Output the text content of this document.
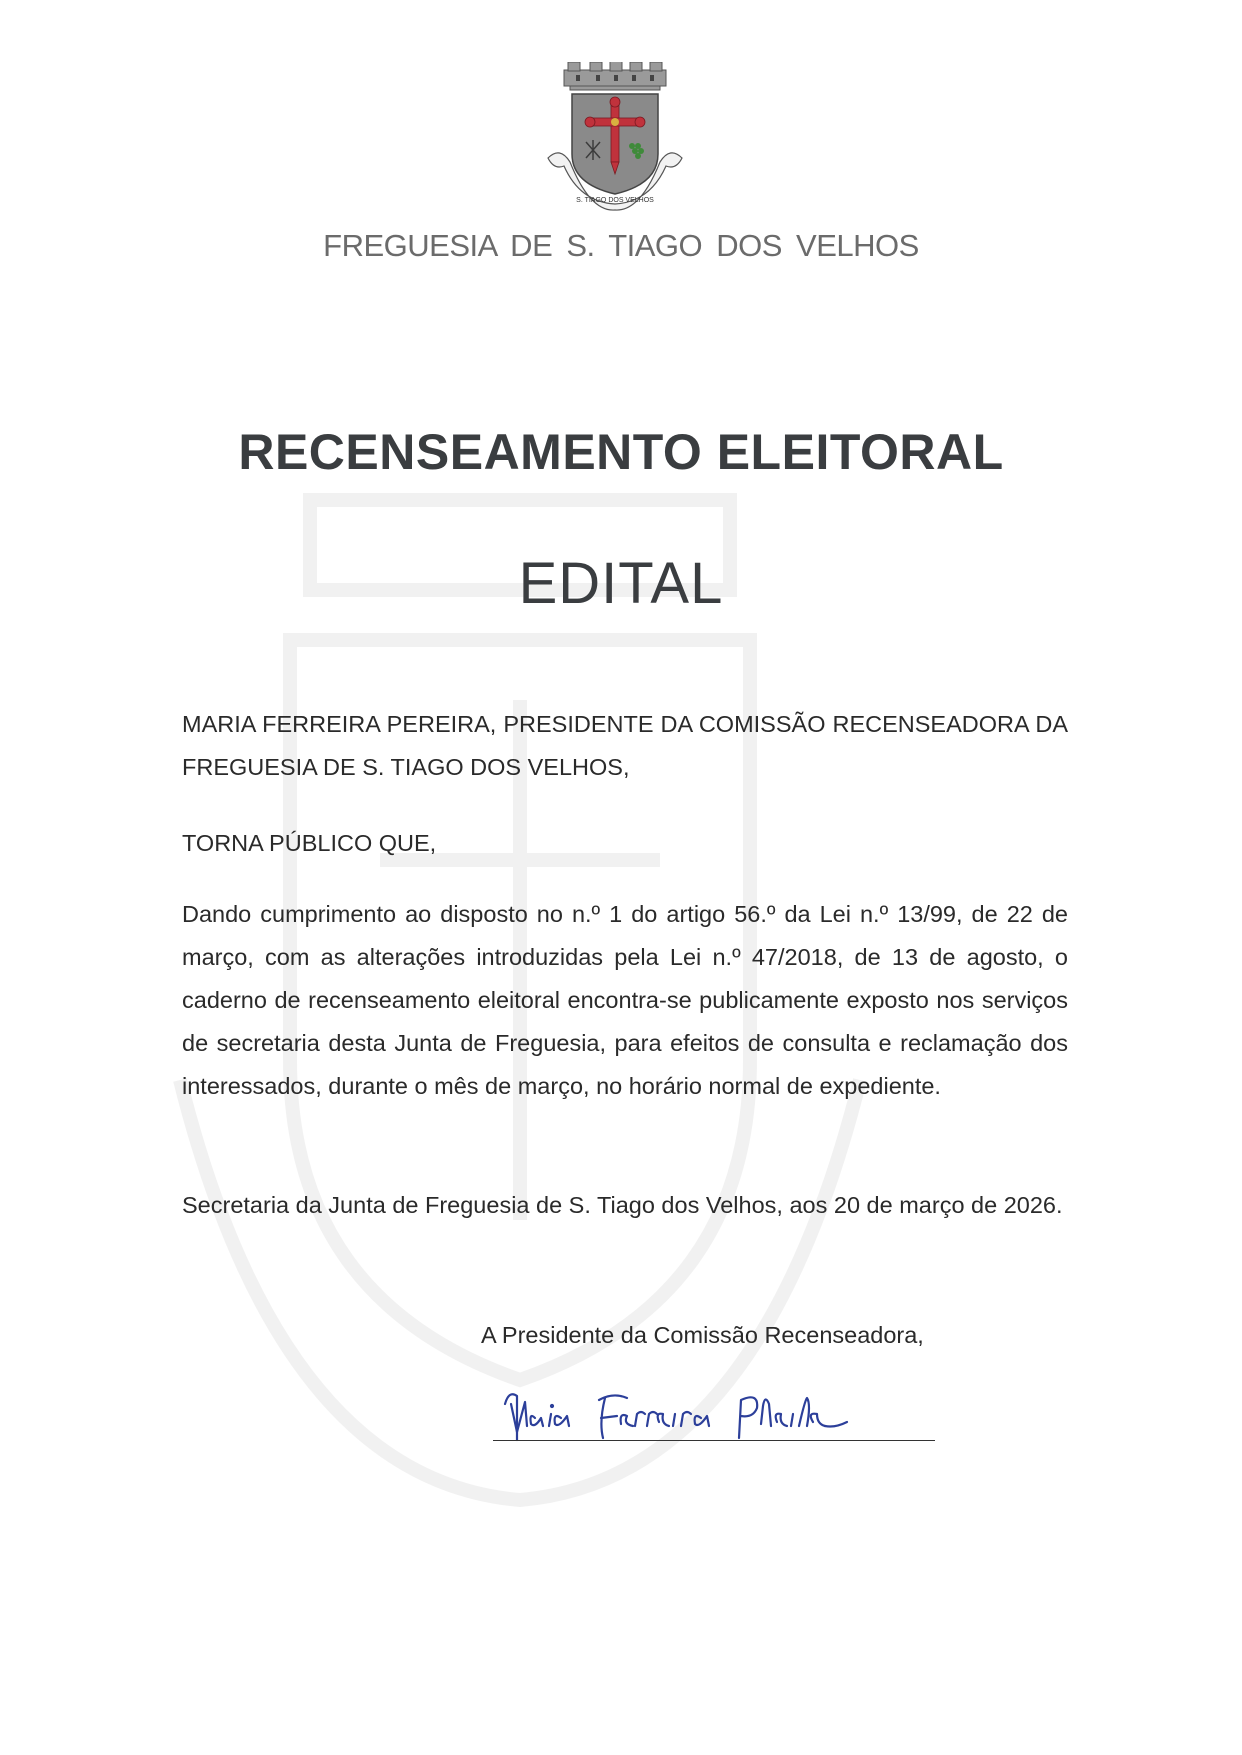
S. TIAGO DOS VELHOS
FREGUESIA DE S. TIAGO DOS VELHOS
RECENSEAMENTO ELEITORAL
EDITAL

MARIA FERREIRA PEREIRA, PRESIDENTE DA COMISSÃO RECENSEADORA DA FREGUESIA DE S. TIAGO DOS VELHOS,

TORNA PÚBLICO QUE,

Dando cumprimento ao disposto no n.º 1 do artigo 56.º da Lei n.º 13/99, de 22 de março, com as alterações introduzidas pela Lei n.º 47/2018, de 13 de agosto, o caderno de recenseamento eleitoral encontra-se publicamente exposto nos serviços de secretaria desta Junta de Freguesia, para efeitos de consulta e reclamação dos interessados, durante o mês de março, no horário normal de expediente.

Secretaria da Junta de Freguesia de S. Tiago dos Velhos, aos 20 de março de 2026.

A Presidente da Comissão Recenseadora,
